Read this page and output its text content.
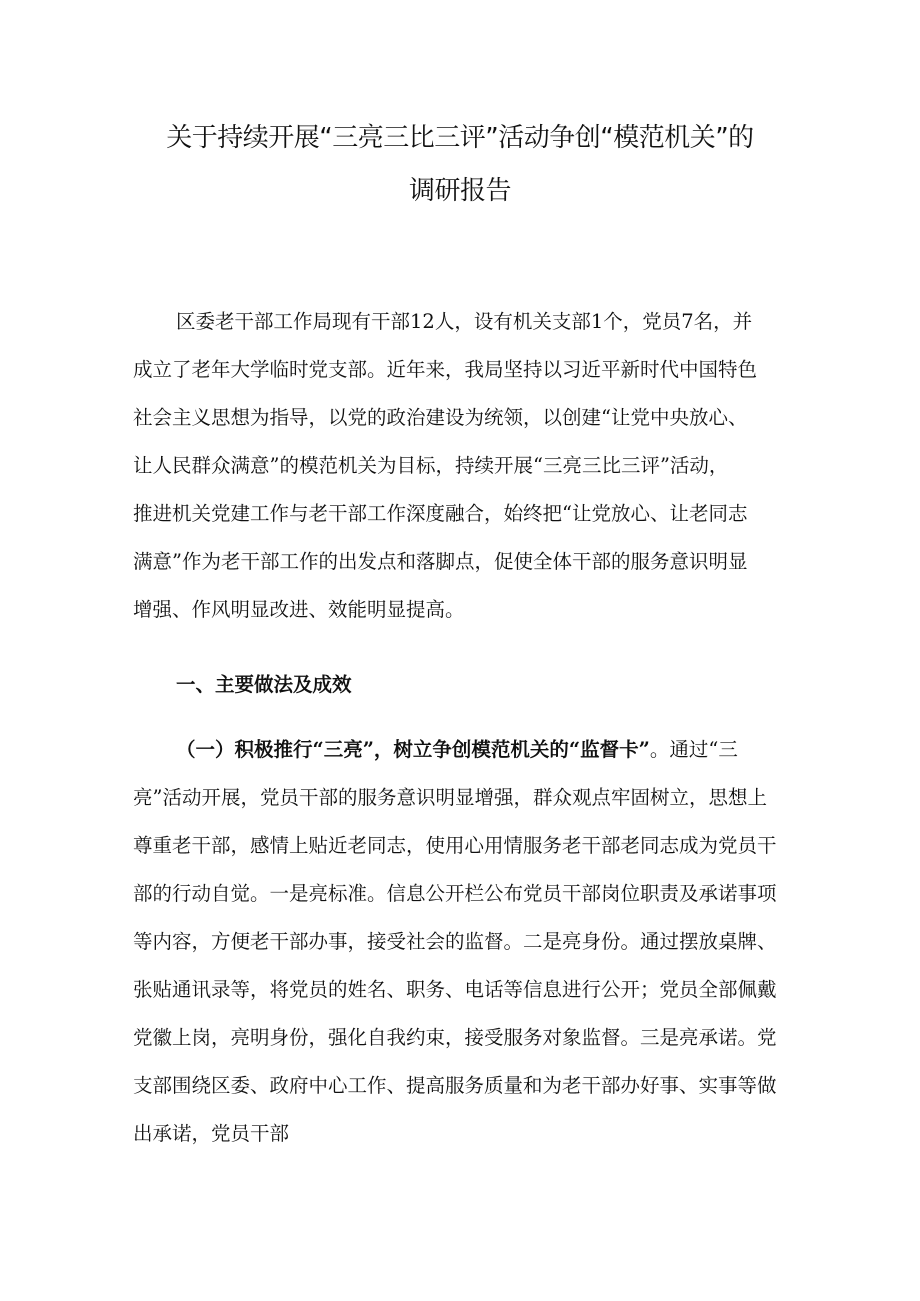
关于持续开展“三亮三比三评”活动争创“模范机关”的
调研报告
区委老干部工作局现有干部12人，设有机关支部1个，党员7名，并
成立了老年大学临时党支部。近年来，我局坚持以习近平新时代中国特色
社会主义思想为指导，以党的政治建设为统领，以创建“让党中央放心、
让人民群众满意”的模范机关为目标，持续开展“三亮三比三评”活动，
推进机关党建工作与老干部工作深度融合，始终把“让党放心、让老同志
满意”作为老干部工作的出发点和落脚点，促使全体干部的服务意识明显
增强、作风明显改进、效能明显提高。
一、主要做法及成效
（一）积极推行“三亮”，树立争创模范机关的“监督卡”。通过“三
亮”活动开展，党员干部的服务意识明显增强，群众观点牢固树立，思想上
尊重老干部，感情上贴近老同志，使用心用情服务老干部老同志成为党员干
部的行动自觉。一是亮标准。信息公开栏公布党员干部岗位职责及承诺事项
等内容，方便老干部办事，接受社会的监督。二是亮身份。通过摆放桌牌、
张贴通讯录等，将党员的姓名、职务、电话等信息进行公开；党员全部佩戴
党徽上岗，亮明身份，强化自我约束，接受服务对象监督。三是亮承诺。党
支部围绕区委、政府中心工作、提高服务质量和为老干部办好事、实事等做
出承诺，党员干部
